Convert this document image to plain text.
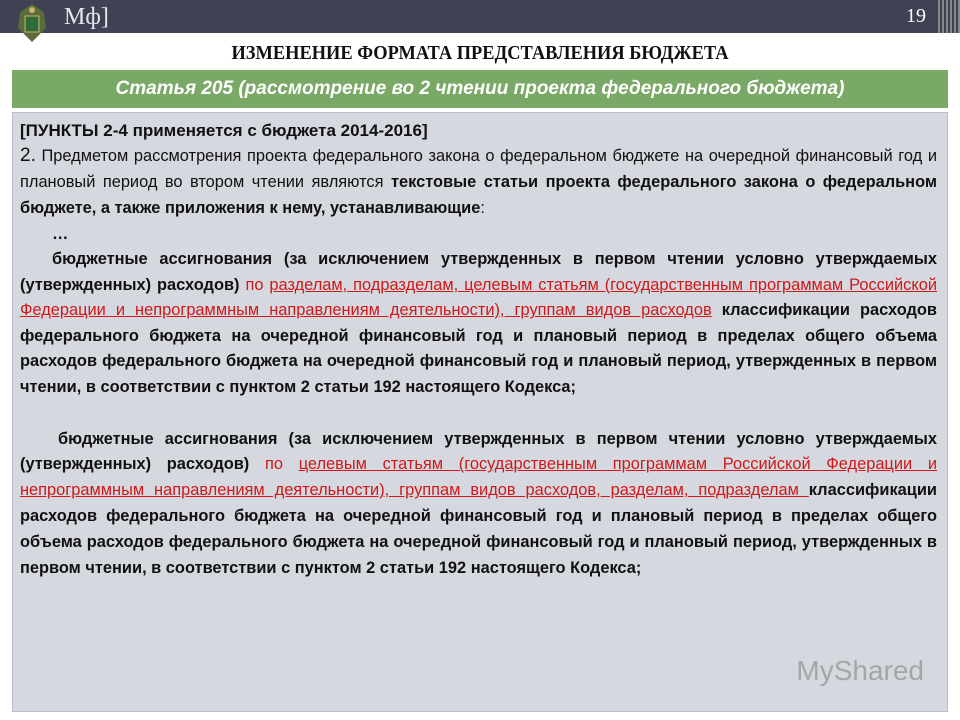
Мф]	19
ИЗМЕНЕНИЕ ФОРМАТА ПРЕДСТАВЛЕНИЯ БЮДЖЕТА
Статья 205 (рассмотрение во 2 чтении проекта федерального бюджета)

[ПУНКТЫ 2-4 применяется с бюджета 2014-2016]

2. Предметом рассмотрения проекта федерального закона о федеральном бюджете на очередной финансовый год и плановый период во втором чтении являются текстовые статьи проекта федерального закона о федеральном бюджете, а также приложения к нему, устанавливающие:

…

бюджетные ассигнования (за исключением утвержденных в первом чтении условно утверждаемых (утвержденных) расходов) по разделам, подразделам, целевым статьям (государственным программам Российской Федерации и непрограммным направлениям деятельности), группам видов расходов классификации расходов федерального бюджета на очередной финансовый год и плановый период в пределах общего объема расходов федерального бюджета на очередной финансовый год и плановый период, утвержденных в первом чтении, в соответствии с пунктом 2 статьи 192 настоящего Кодекса;

бюджетные ассигнования (за исключением утвержденных в первом чтении условно утверждаемых (утвержденных) расходов) по целевым статьям (государственным программам Российской Федерации и непрограммным направлениям деятельности), группам видов расходов, разделам, подразделам классификации расходов федерального бюджета на очередной финансовый год и плановый период в пределах общего объема расходов федерального бюджета на очередной финансовый год и плановый период, утвержденных в первом чтении, в соответствии с пунктом 2 статьи 192 настоящего Кодекса;

MyShared
